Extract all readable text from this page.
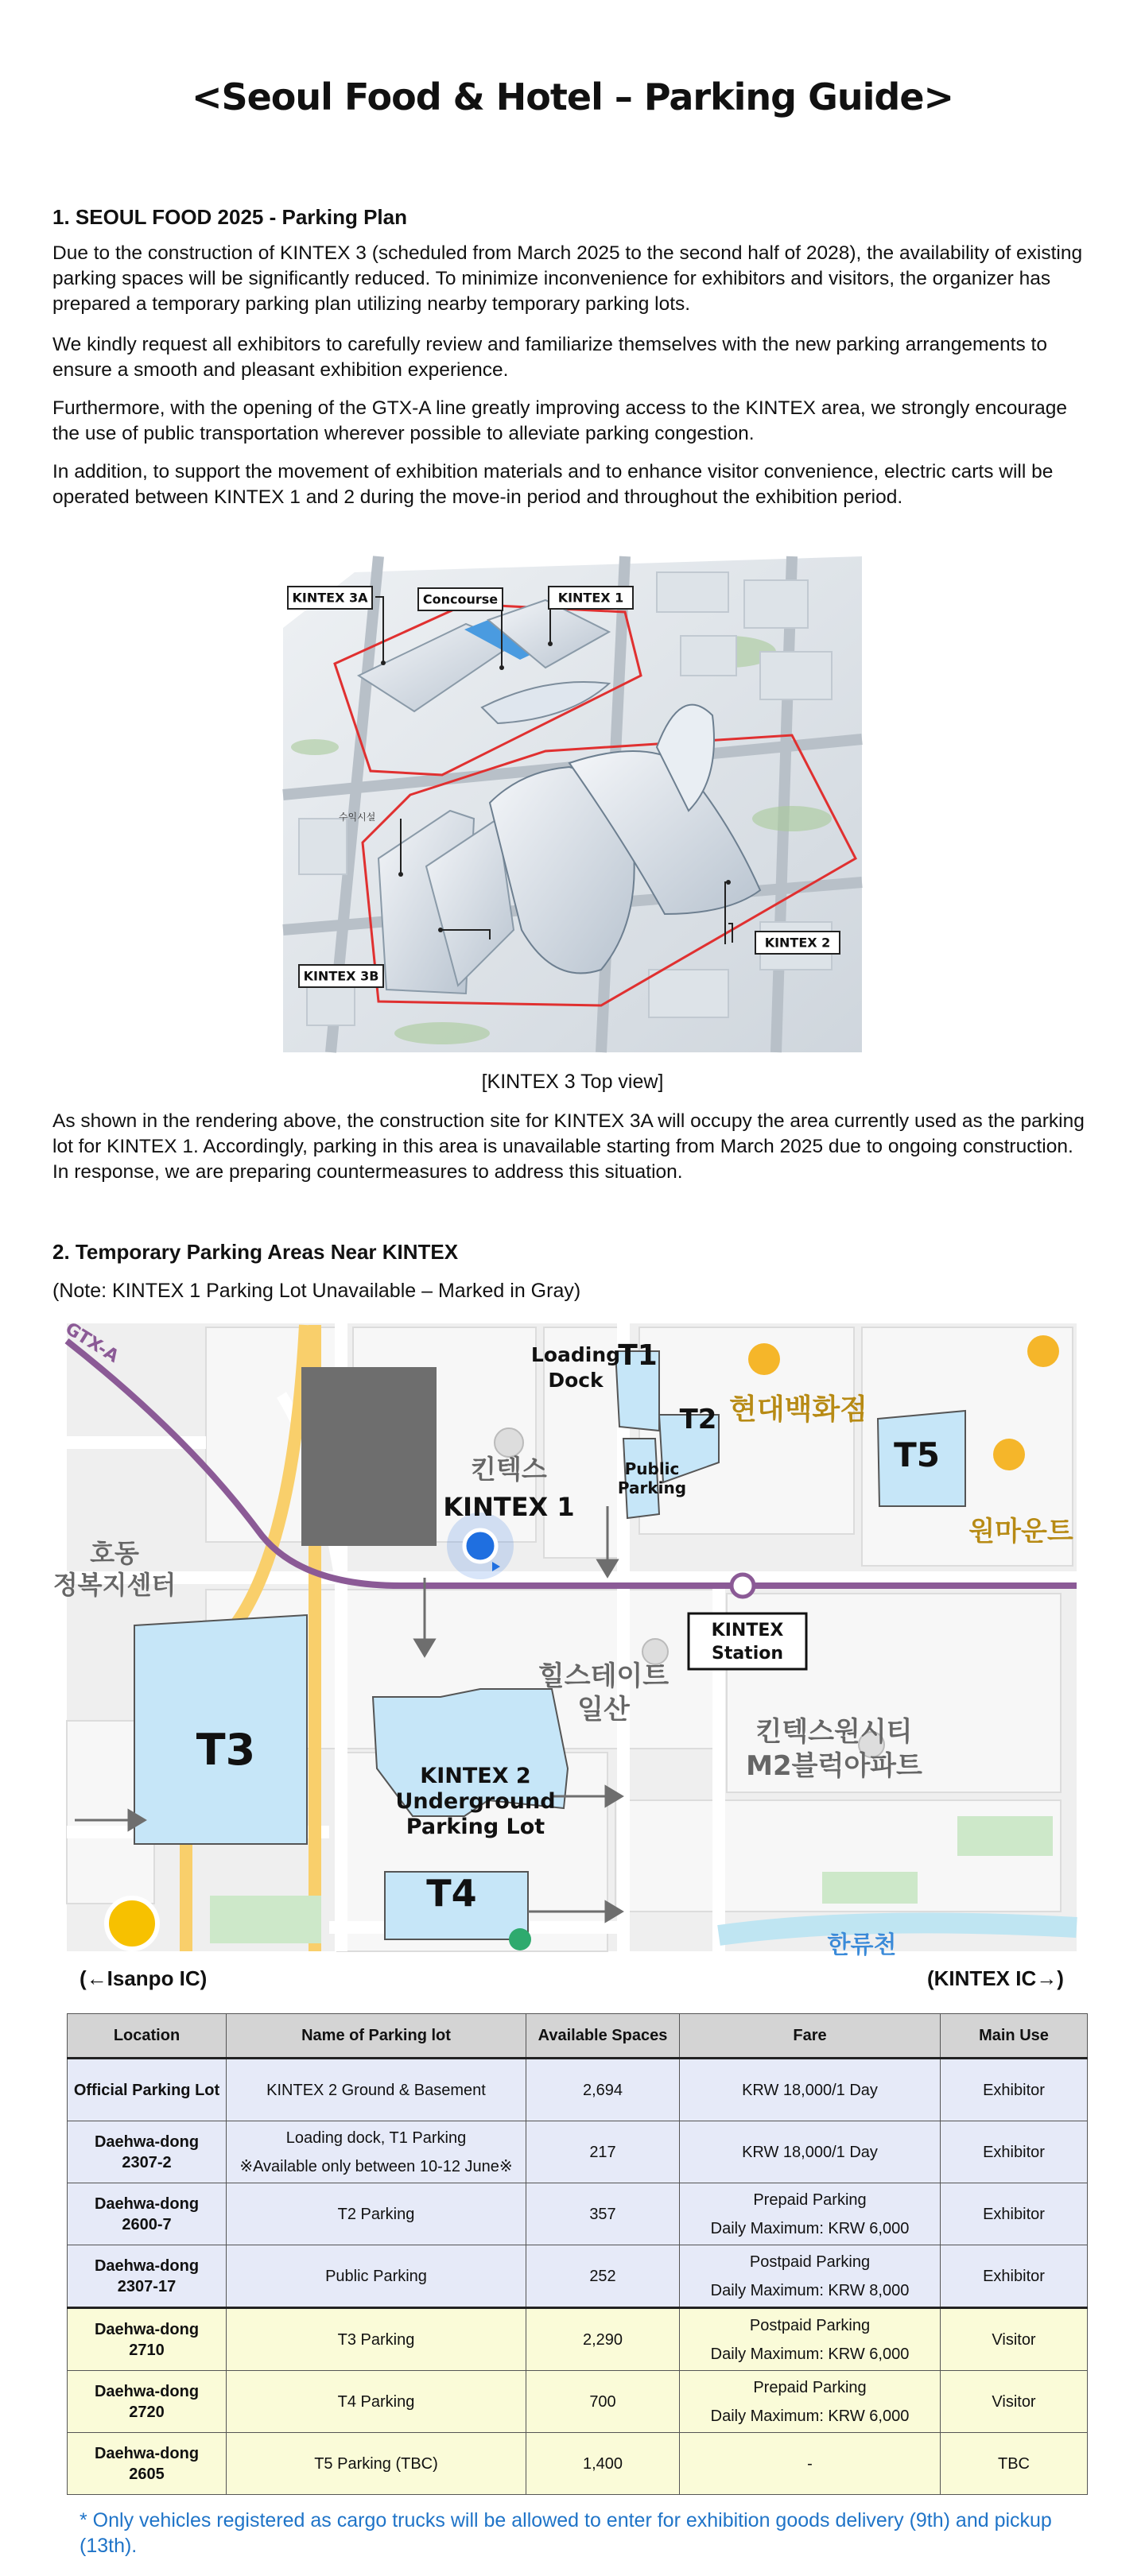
<Seoul Food & Hotel – Parking Guide>
1. SEOUL FOOD 2025 - Parking Plan

Due to the construction of KINTEX 3 (scheduled from March 2025 to the second half of 2028), the availability of existing parking spaces will be significantly reduced. To minimize inconvenience for exhibitors and visitors, the organizer has prepared a temporary parking plan utilizing nearby temporary parking lots.

We kindly request all exhibitors to carefully review and familiarize themselves with the new parking arrangements to ensure a smooth and pleasant exhibition experience.

Furthermore, with the opening of the GTX-A line greatly improving access to the KINTEX area, we strongly encourage the use of public transportation wherever possible to alleviate parking congestion.

In addition, to support the movement of exhibition materials and to enhance visitor convenience, electric carts will be operated between KINTEX 1 and 2 during the move-in period and throughout the exhibition period.

KINTEX 3A	Concourse	KINTEX 1
KINTEX 2
KINTEX 3B
수익시설
[KINTEX 3 Top view]

As shown in the rendering above, the construction site for KINTEX 3A will occupy the area currently used as the parking lot for KINTEX 1. Accordingly, parking in this area is unavailable starting from March 2025 due to ongoing construction. In response, we are preparing countermeasures to address this situation.

2. Temporary Parking Areas Near KINTEX
(Note: KINTEX 1 Parking Lot Unavailable – Marked in Gray)
GTX-A	T1
T2
T5
T3
T4
Loading
Dock
Public
Parking
KINTEX 1
KINTEX 2
Underground
Parking Lot
KINTEX
Station
현대백화점
원마운트
킨텍스
호동
정복지센터
힐스테이트
일산
킨텍스원시티
M2블럭아파트
한류천
(←Isanpo IC)	(KINTEX IC→)
Location	Name of Parking lot	Available Spaces	Fare	Main Use
Official Parking Lot	KINTEX 2 Ground & Basement	2,694	KRW 18,000/1 Day	Exhibitor
Daehwa-dong
2307-2	Loading dock, T1 Parking
※Available only between 10-12 June※	217	KRW 18,000/1 Day	Exhibitor
Daehwa-dong
2600-7	T2 Parking	357	Prepaid Parking
Daily Maximum: KRW 6,000	Exhibitor
Daehwa-dong
2307-17	Public Parking	252	Postpaid Parking
Daily Maximum: KRW 8,000	Exhibitor
Daehwa-dong
2710	T3 Parking	2,290	Postpaid Parking
Daily Maximum: KRW 6,000	Visitor
Daehwa-dong
2720	T4 Parking	700	Prepaid Parking
Daily Maximum: KRW 6,000	Visitor
Daehwa-dong
2605	T5 Parking (TBC)	1,400	-	TBC
* Only vehicles registered as cargo trucks will be allowed to enter for exhibition goods delivery (9th) and pickup (13th).
